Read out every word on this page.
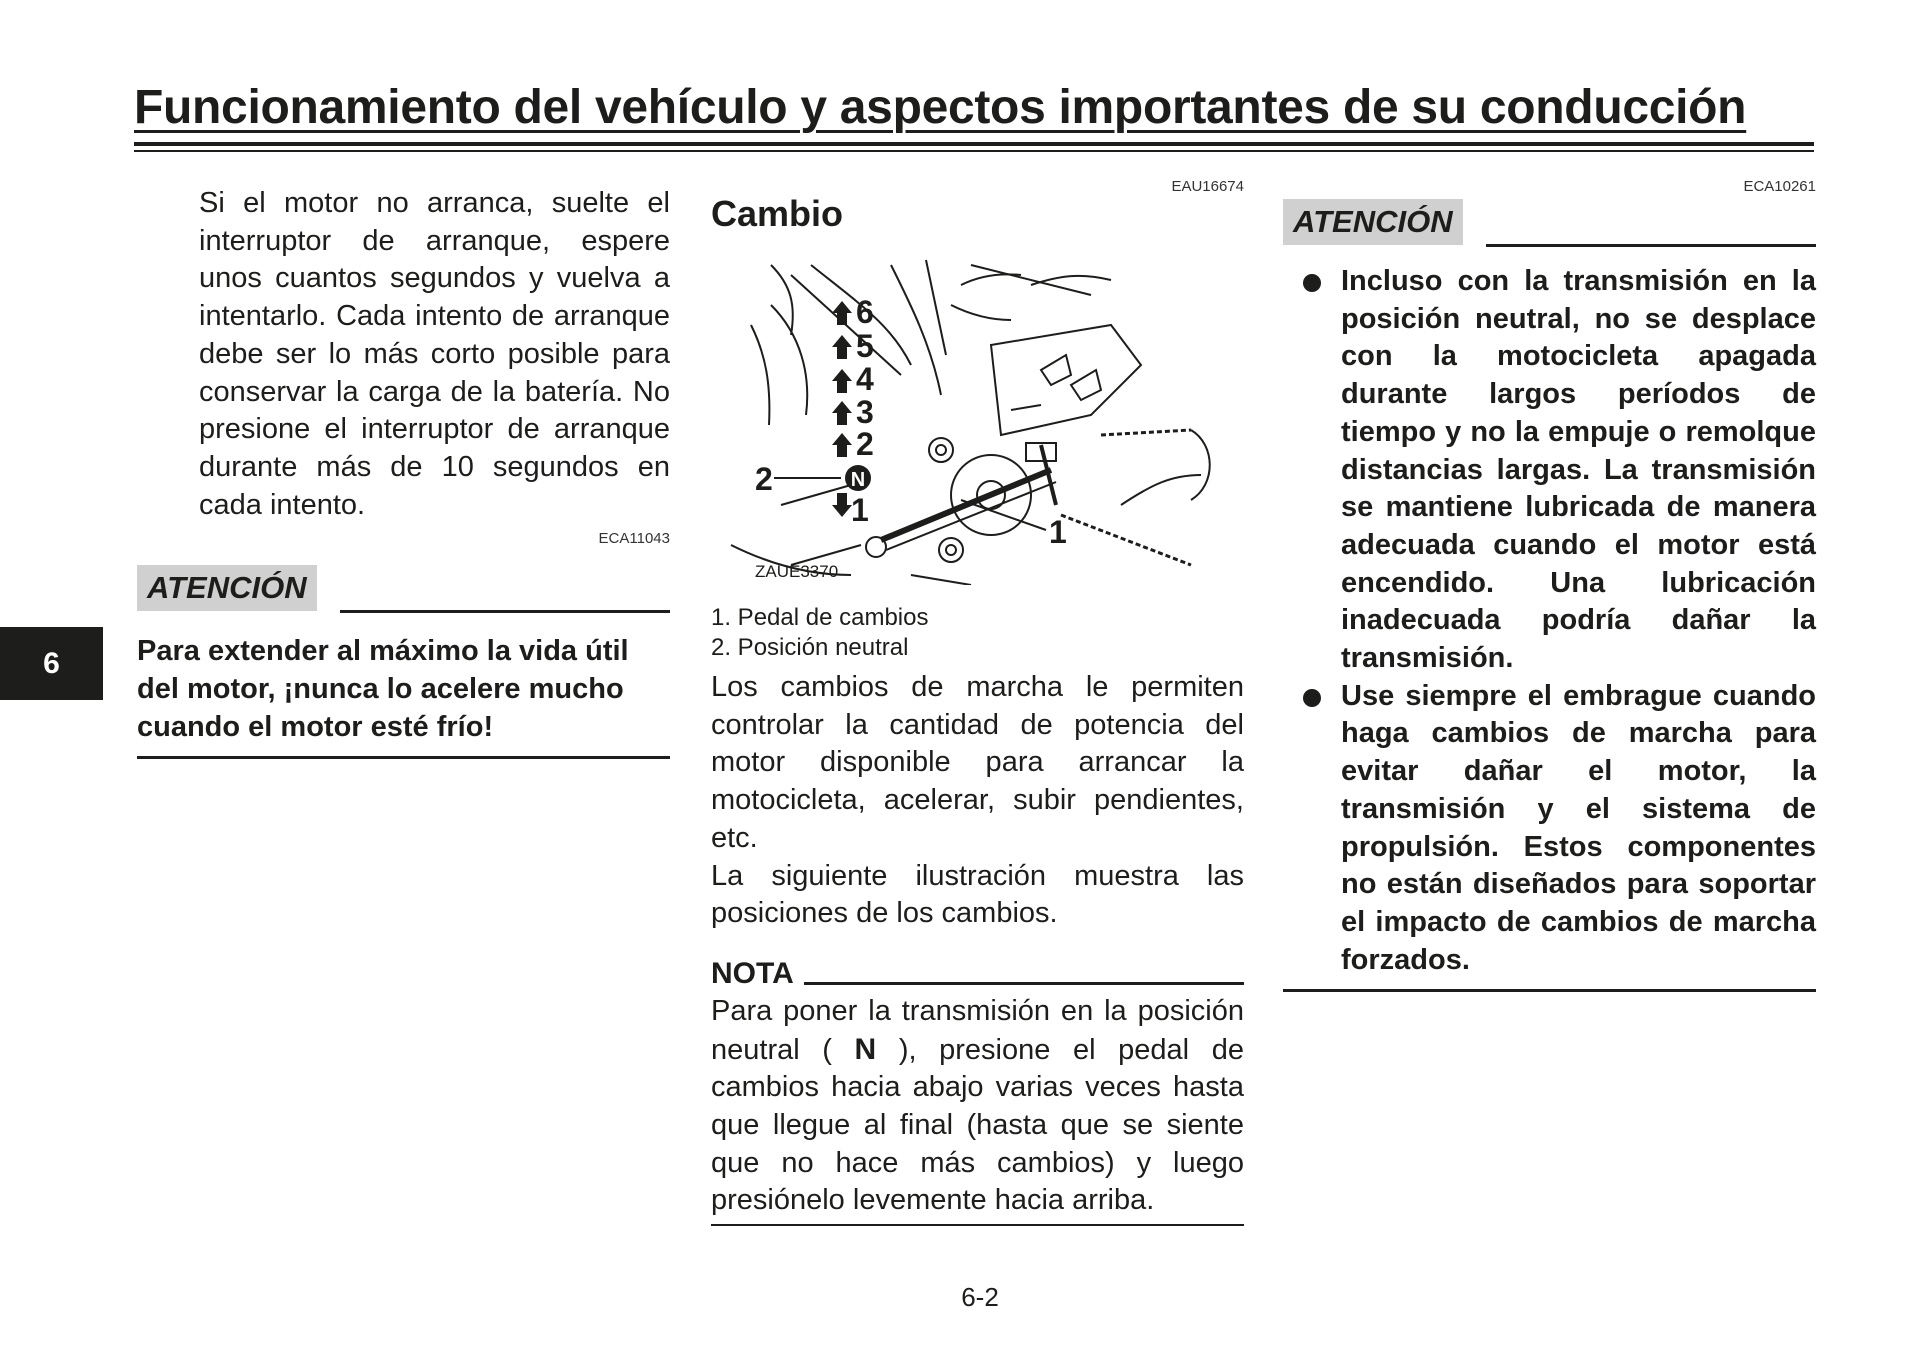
Funcionamiento del vehículo y aspectos importantes de su conducción
6

Si el motor no arranca, suelte el interruptor de arranque, espere unos cuantos segundos y vuelva a intentarlo. Cada intento de arranque debe ser lo más corto posible para conservar la carga de la batería. No presione el interruptor de arranque durante más de 10 segundos en cada intento.

ECA11043
ATENCIÓN

Para extender al máximo la vida útil del motor, ¡nunca lo acelere mucho cuando el motor esté frío!

EAU16674
Cambio
6
5
4
3
2
1
2
1
N
ZAUE3370

1. Pedal de cambios

2. Posición neutral

Los cambios de marcha le permiten controlar la cantidad de potencia del motor disponible para arrancar la motocicleta, acelerar, subir pendientes, etc.

La siguiente ilustración muestra las posiciones de los cambios.

NOTA

Para poner la transmisión en la posición neutral ( N ), presione el pedal de cambios hacia abajo varias veces hasta que llegue al final (hasta que se siente que no hace más cambios) y luego presiónelo levemente hacia arriba.

ECA10261
ATENCIÓN

Incluso con la transmisión en la posición neutral, no se desplace con la motocicleta apagada durante largos períodos de tiempo y no la empuje o remolque distancias largas. La transmisión se mantiene lubricada de manera adecuada cuando el motor está encendido. Una lubricación inadecuada podría dañar la transmisión.

Use siempre el embrague cuando haga cambios de marcha para evitar dañar el motor, la transmisión y el sistema de propulsión. Estos componentes no están diseñados para soportar el impacto de cambios de marcha forzados.

6-2
